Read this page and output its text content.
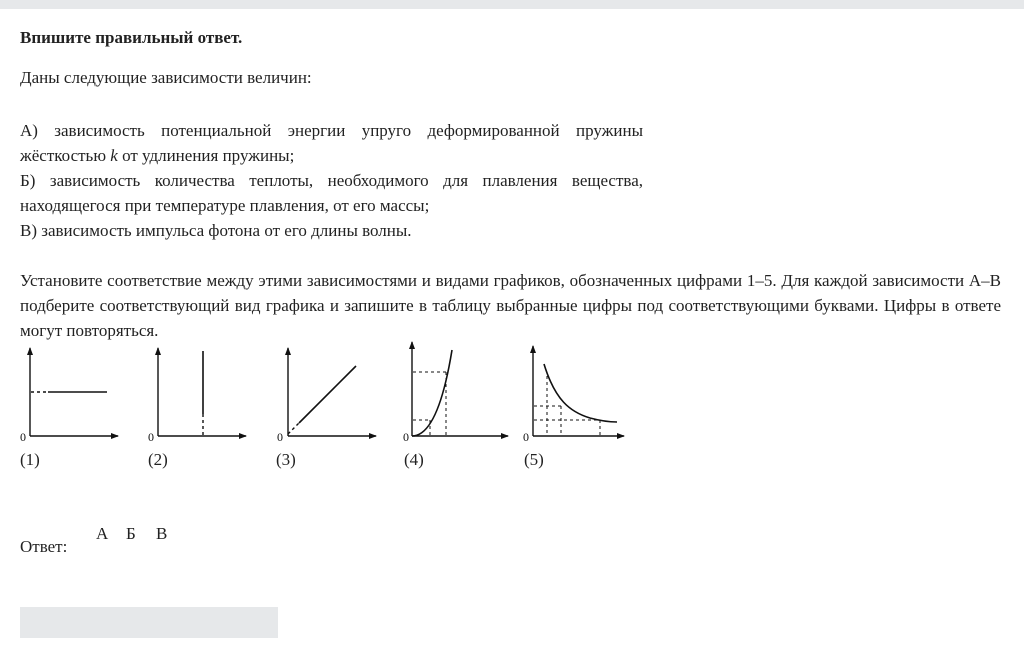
Впишите правильный ответ.
Даны следующие зависимости величин:

А) зависимость потенциальной энергии упруго деформированной пружины жёсткостью k от удлинения пружины;

Б) зависимость количества теплоты, необходимого для плавления вещества, находящегося при температуре плавления, от его массы;

В) зависимость импульса фотона от его длины волны.

Установите соответствие между этими зависимостями и видами графиков, обозначенных цифрами 1–5. Для каждой зависимости А–В подберите соответствующий вид графика и запишите в таблицу выбранные цифры под соответствующими буквами. Цифры в ответе могут повторяться.
0	0	0	0	0
(1)	(2)	(3)	(4)	(5)
Ответ:
А Б В
